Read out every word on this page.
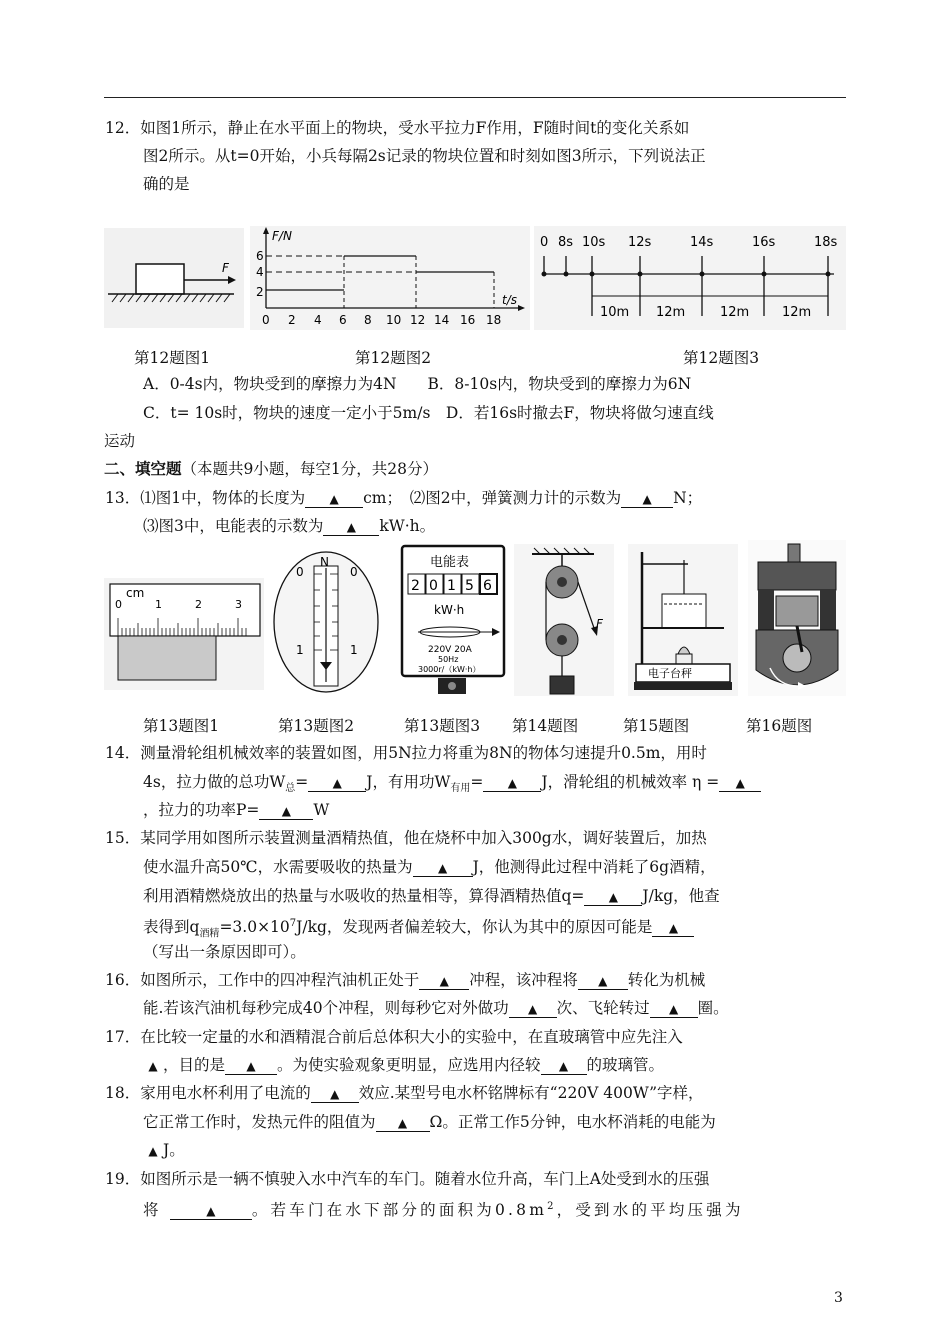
12．如图1所示，静止在水平面上的物块，受水平拉力F作用，F随时间t的变化关系如
图2所示。从t=0开始，小兵每隔2s记录的物块位置和时刻如图3所示，下列说法正
确的是
F
F/N
t/s
6
4
2
0 2 4 6 8 10 12 14 16 18
0 8s 10s 12s	14s	16s	18s
10m 12m	12m	12m
第12题图1	第12题图2	第12题图3
A．0-4s内，物块受到的摩擦力为4N　　B．8-10s内，物块受到的摩擦力为6N
C．t= 10s时，物块的速度一定小于5m/s　D．若16s时撤去F，物块将做匀速直线
运动
二、填空题（本题共9小题，每空1分，共28分）
13．⑴图1中，物体的长度为 ▲ cm；　⑵图2中，弹簧测力计的示数为 ▲ N；
⑶图3中，电能表的示数为 ▲ kW·h。
cm
0	1	2	3
N
0	0
1	1
电能表
2 0 1 5 6
kW·h
220V 20A
50Hz
3000r/（kW·h）
F
电子台秤
第13题图1	第13题图2	第13题图3 第14题图	第15题图	第16题图
14．测量滑轮组机械效率的装置如图，用5N拉力将重为8N的物体匀速提升0.5m，用时
4s，拉力做的总功$W_总=$ ▲ J，有用功$W_{有用}=$ ▲ J，滑轮组的机械效率 η = ▲
，拉力的功率P= ▲ W
15．某同学用如图所示装置测量酒精热值，他在烧杯中加入300g水，调好装置后，加热
使水温升高50℃，水需要吸收的热量为 ▲ J，他测得此过程中消耗了6g酒精，
利用酒精燃烧放出的热量与水吸收的热量相等，算得酒精热值q= ▲ J/kg，他查
表得到$q_{酒精}=3.0\times 10^7J/kg$，发现两者偏差较大，你认为其中的原因可能是 ▲
（写出一条原因即可）。
16．如图所示，工作中的四冲程汽油机正处于 ▲ 冲程，该冲程将 ▲ 转化为机械
能.若该汽油机每秒完成40个冲程，则每秒它对外做功 ▲ 次、飞轮转过 ▲ 圈。
17．在比较一定量的水和酒精混合前后总体积大小的实验中，在直玻璃管中应先注入
▲ ，目的是 ▲ 。为使实验观象更明显，应选用内径较 ▲ 的玻璃管。
18．家用电水杯利用了电流的 ▲ 效应.某型号电水杯铭牌标有“220V 400W”字样，
它正常工作时，发热元件的阻值为 ▲ Ω。正常工作5分钟，电水杯消耗的电能为
▲ J。
19．如图所示是一辆不慎驶入水中汽车的车门。随着水位升高，车门上A处受到水的压强
将	▲ 。若车门在水下部分的面积为$0.8m^2$，受到水的平均压强为
3
